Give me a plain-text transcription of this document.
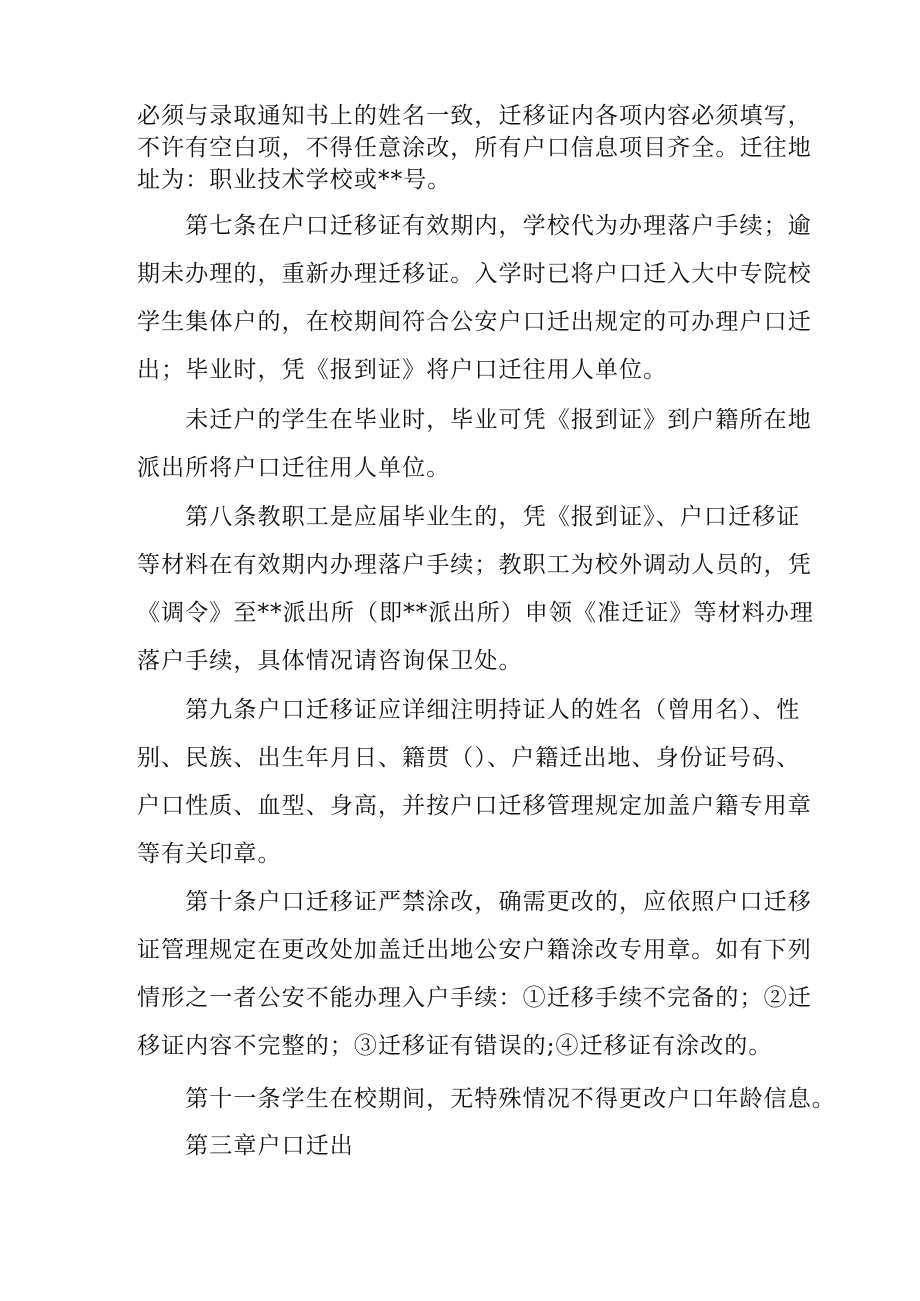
必须与录取通知书上的姓名一致，迁移证内各项内容必须填写，
不许有空白项，不得任意涂改，所有户口信息项目齐全。迁往地
址为：职业技术学校或**号。
　　第七条在户口迁移证有效期内，学校代为办理落户手续；逾
期未办理的，重新办理迁移证。入学时已将户口迁入大中专院校
学生集体户的，在校期间符合公安户口迁出规定的可办理户口迁
出；毕业时，凭《报到证》将户口迁往用人单位。
　　未迁户的学生在毕业时，毕业可凭《报到证》到户籍所在地
派出所将户口迁往用人单位。
　　第八条教职工是应届毕业生的，凭《报到证》、户口迁移证
等材料在有效期内办理落户手续；教职工为校外调动人员的，凭
《调令》至**派出所（即**派出所）申领《准迁证》等材料办理
落户手续，具体情况请咨询保卫处。
　　第九条户口迁移证应详细注明持证人的姓名（曾用名）、性
别、民族、出生年月日、籍贯（）、户籍迁出地、身份证号码、
户口性质、血型、身高，并按户口迁移管理规定加盖户籍专用章
等有关印章。
　　第十条户口迁移证严禁涂改，确需更改的，应依照户口迁移
证管理规定在更改处加盖迁出地公安户籍涂改专用章。如有下列
情形之一者公安不能办理入户手续：①迁移手续不完备的；②迁
移证内容不完整的；③迁移证有错误的;④迁移证有涂改的。
　　第十一条学生在校期间，无特殊情况不得更改户口年龄信息。
　　第三章户口迁出
